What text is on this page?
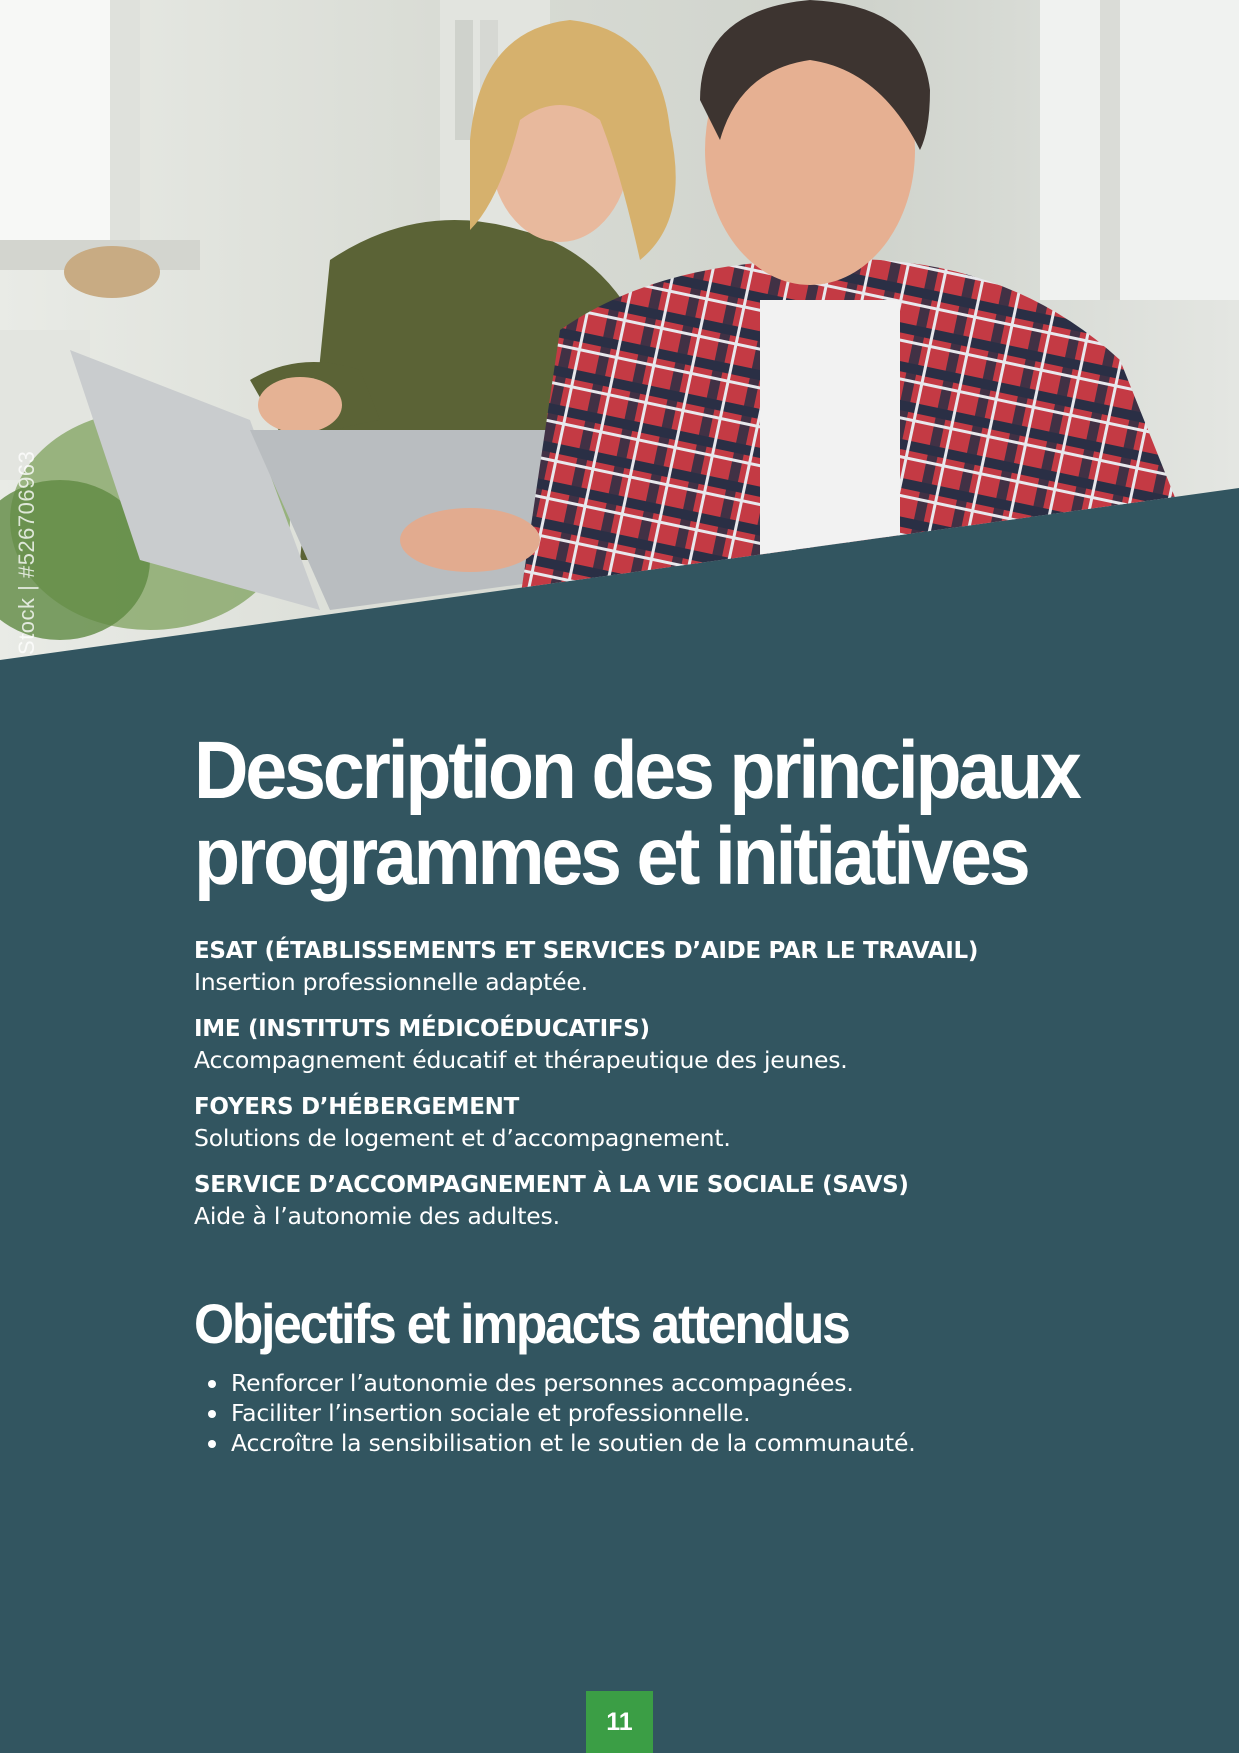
Stock | #526706963
Description des principaux
programmes et initiatives
ESAT (ÉTABLISSEMENTS ET SERVICES D’AIDE PAR LE TRAVAIL)
Insertion professionnelle adaptée.
IME (INSTITUTS MÉDICOÉDUCATIFS)
Accompagnement éducatif et thérapeutique des jeunes.
FOYERS D’HÉBERGEMENT
Solutions de logement et d’accompagnement.
SERVICE D’ACCOMPAGNEMENT À LA VIE SOCIALE (SAVS)
Aide à l’autonomie des adultes.
Objectifs et impacts attendus
Renforcer l’autonomie des personnes accompagnées.
Faciliter l’insertion sociale et professionnelle.
Accroître la sensibilisation et le soutien de la communauté.
11
